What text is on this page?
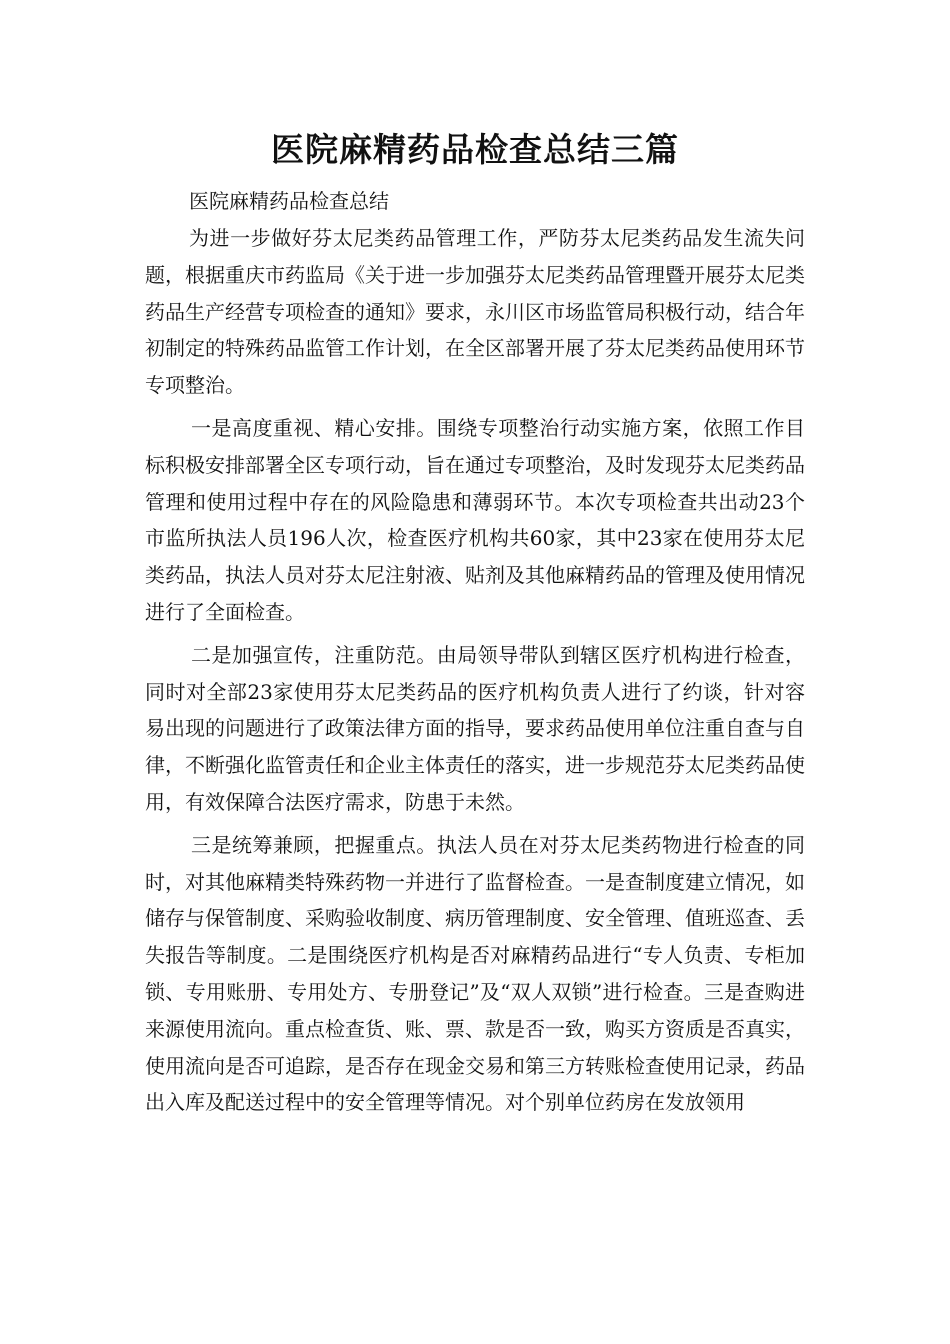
医院麻精药品检查总结三篇

医院麻精药品检查总结

为进一步做好芬太尼类药品管理工作，严防芬太尼类药品发生流失问题，根据重庆市药监局《关于进一步加强芬太尼类药品管理暨开展芬太尼类药品生产经营专项检查的通知》要求，永川区市场监管局积极行动，结合年初制定的特殊药品监管工作计划，在全区部署开展了芬太尼类药品使用环节专项整治。

一是高度重视、精心安排。围绕专项整治行动实施方案，依照工作目标积极安排部署全区专项行动，旨在通过专项整治，及时发现芬太尼类药品管理和使用过程中存在的风险隐患和薄弱环节。本次专项检查共出动23个市监所执法人员196人次，检查医疗机构共60家，其中23家在使用芬太尼类药品，执法人员对芬太尼注射液、贴剂及其他麻精药品的管理及使用情况进行了全面检查。

二是加强宣传，注重防范。由局领导带队到辖区医疗机构进行检查，同时对全部23家使用芬太尼类药品的医疗机构负责人进行了约谈，针对容易出现的问题进行了政策法律方面的指导，要求药品使用单位注重自查与自律，不断强化监管责任和企业主体责任的落实，进一步规范芬太尼类药品使用，有效保障合法医疗需求，防患于未然。

三是统筹兼顾，把握重点。执法人员在对芬太尼类药物进行检查的同时，对其他麻精类特殊药物一并进行了监督检查。一是查制度建立情况，如储存与保管制度、采购验收制度、病历管理制度、安全管理、值班巡查、丢失报告等制度。二是围绕医疗机构是否对麻精药品进行“专人负责、专柜加锁、专用账册、专用处方、专册登记”及“双人双锁”进行检查。三是查购进来源使用流向。重点检查货、账、票、款是否一致，购买方资质是否真实，使用流向是否可追踪，是否存在现金交易和第三方转账检查使用记录，药品出入库及配送过程中的安全管理等情况。对个别单位药房在发放领用
